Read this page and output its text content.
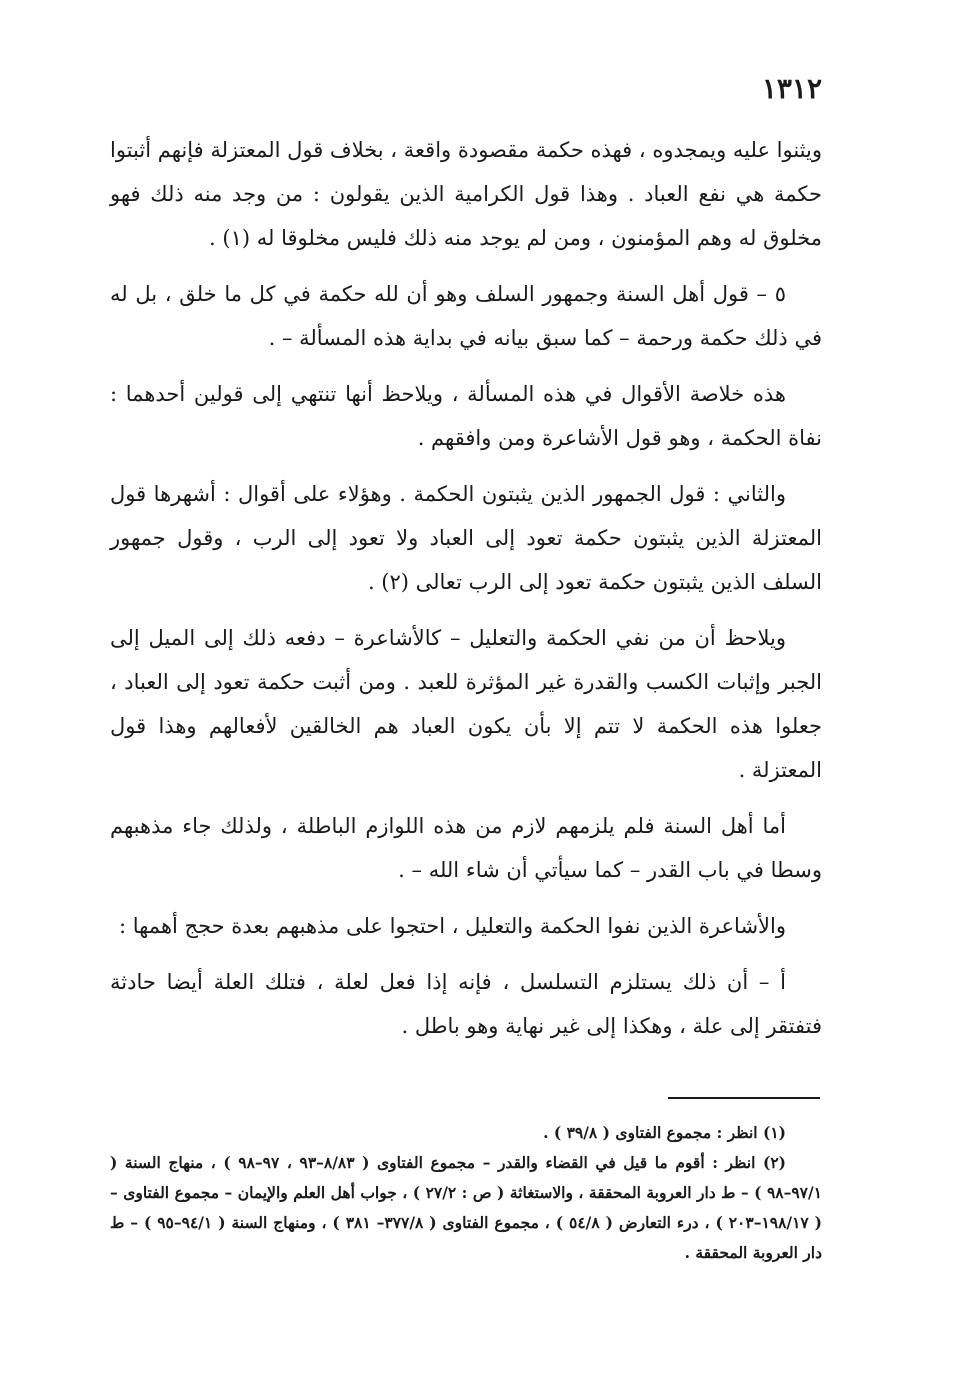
١٣١٢

ويثنوا عليه ويمجدوه ، فهذه حكمة مقصودة واقعة ، بخلاف قول المعتزلة فإنهم أثبتوا حكمة هي نفع العباد . وهذا قول الكرامية الذين يقولون : من وجد منه ذلك فهو مخلوق له وهم المؤمنون ، ومن لم يوجد منه ذلك فليس مخلوقا له (١) .

٥ – قول أهل السنة وجمهور السلف وهو أن لله حكمة في كل ما خلق ، بل له في ذلك حكمة ورحمة – كما سبق بيانه في بداية هذه المسألة – .

هذه خلاصة الأقوال في هذه المسألة ، ويلاحظ أنها تنتهي إلى قولين أحدهما : نفاة الحكمة ، وهو قول الأشاعرة ومن وافقهم .

والثاني : قول الجمهور الذين يثبتون الحكمة . وهؤلاء على أقوال : أشهرها قول المعتزلة الذين يثبتون حكمة تعود إلى العباد ولا تعود إلى الرب ، وقول جمهور السلف الذين يثبتون حكمة تعود إلى الرب تعالى (٢) .

ويلاحظ أن من نفي الحكمة والتعليل – كالأشاعرة – دفعه ذلك إلى الميل إلى الجبر وإثبات الكسب والقدرة غير المؤثرة للعبد . ومن أثبت حكمة تعود إلى العباد ، جعلوا هذه الحكمة لا تتم إلا بأن يكون العباد هم الخالقين لأفعالهم وهذا قول المعتزلة .

أما أهل السنة فلم يلزمهم لازم من هذه اللوازم الباطلة ، ولذلك جاء مذهبهم وسطا في باب القدر – كما سيأتي أن شاء الله – .

والأشاعرة الذين نفوا الحكمة والتعليل ، احتجوا على مذهبهم بعدة حجج أهمها :

أ – أن ذلك يستلزم التسلسل ، فإنه إذا فعل لعلة ، فتلك العلة أيضا حادثة فتفتقر إلى علة ، وهكذا إلى غير نهاية وهو باطل .

(١) انظر : مجموع الفتاوى ( ٣٩/٨ ) .

(٢) انظر : أقوم ما قيل في القضاء والقدر – مجموع الفتاوى ( ٨/٨٣–٩٣ ، ٩٧–٩٨ ) ، منهاج السنة ( ٩٧/١–٩٨ ) – ط دار العروبة المحققة ، والاستغاثة ( ص : ٢٧/٢ ) ، جواب أهل العلم والإيمان – مجموع الفتاوى – ( ١٩٨/١٧–٢٠٣ ) ، درء التعارض ( ٥٤/٨ ) ، مجموع الفتاوى ( ٣٧٧/٨– ٣٨١ ) ، ومنهاج السنة ( ٩٤/١–٩٥ ) – ط دار العروبة المحققة .
